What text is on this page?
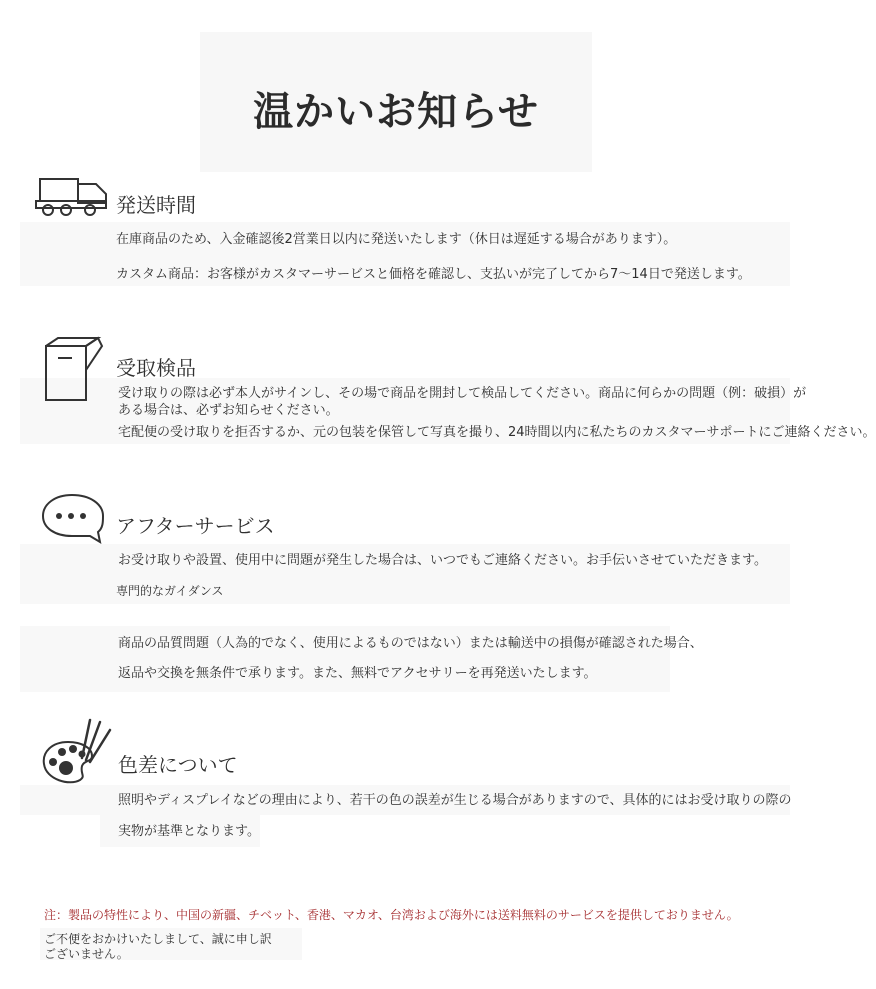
温かいお知らせ
発送時間
在庫商品のため、入金確認後2営業日以内に発送いたします（休日は遅延する場合があります）。
カスタム商品：お客様がカスタマーサービスと価格を確認し、支払いが完了してから7〜14日で発送します。
受取検品
受け取りの際は必ず本人がサインし、その場で商品を開封して検品してください。商品に何らかの問題（例：破損）が
ある場合は、必ずお知らせください。
宅配便の受け取りを拒否するか、元の包装を保管して写真を撮り、24時間以内に私たちのカスタマーサポートにご連絡ください。
アフターサービス
お受け取りや設置、使用中に問題が発生した場合は、いつでもご連絡ください。お手伝いさせていただきます。
専門的なガイダンス
商品の品質問題（人為的でなく、使用によるものではない）または輸送中の損傷が確認された場合、
返品や交換を無条件で承ります。また、無料でアクセサリーを再発送いたします。
色差について
照明やディスプレイなどの理由により、若干の色の誤差が生じる場合がありますので、具体的にはお受け取りの際の
実物が基準となります。
注：製品の特性により、中国の新疆、チベット、香港、マカオ、台湾および海外には送料無料のサービスを提供しておりません。
ご不便をおかけいたしまして、誠に申し訳ございません。
